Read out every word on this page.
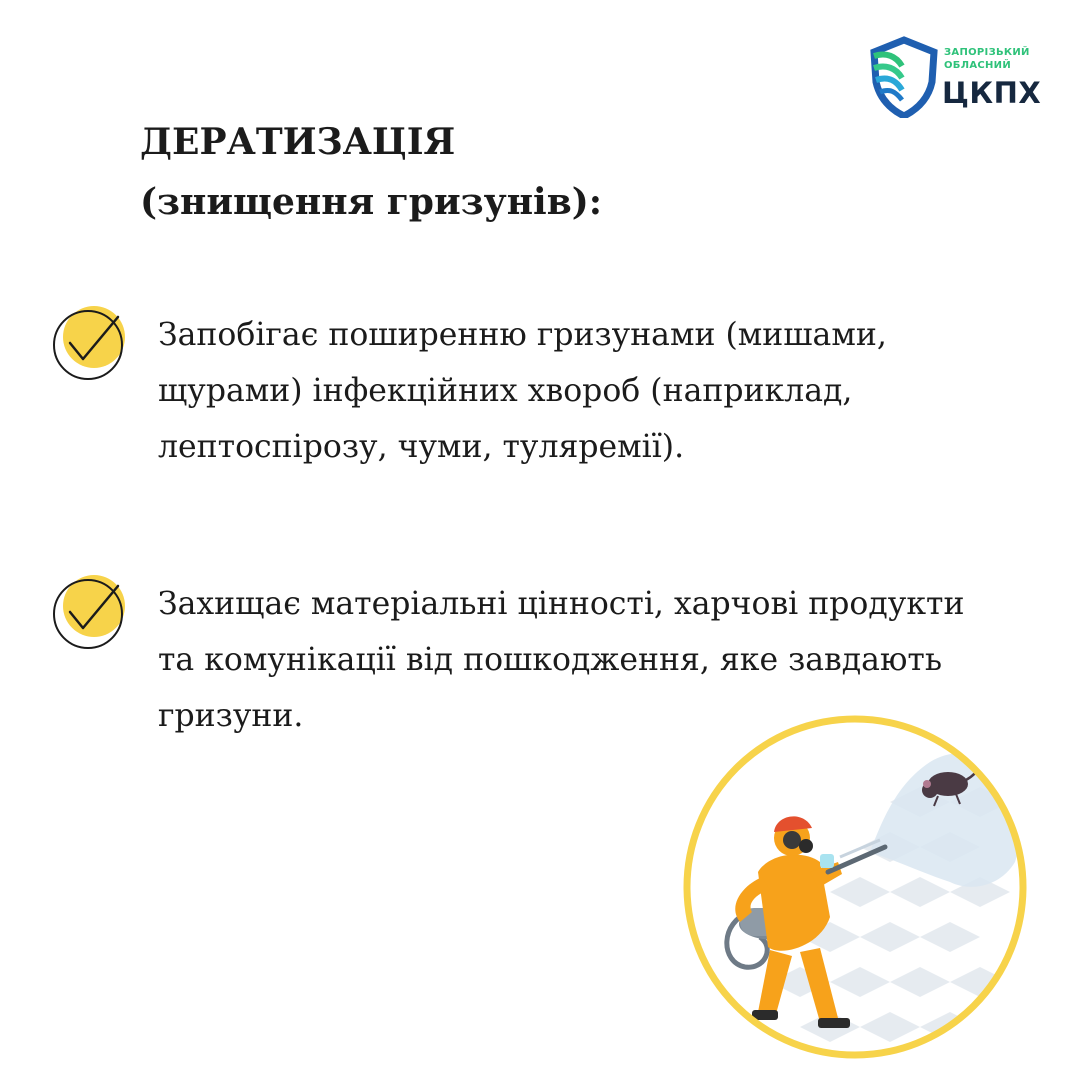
ЗАПОРІЗЬКИЙ
ОБЛАСНИЙ
ЦКПХ
ДЕРАТИЗАЦІЯ
(знищення гризунів):
Запобігає поширенню гризунами (мишами,
щурами) інфекційних хвороб (наприклад,
лептоспірозу, чуми, туляремії).
Захищає матеріальні цінності, харчові продукти
та комунікації від пошкодження, яке завдають
гризуни.
